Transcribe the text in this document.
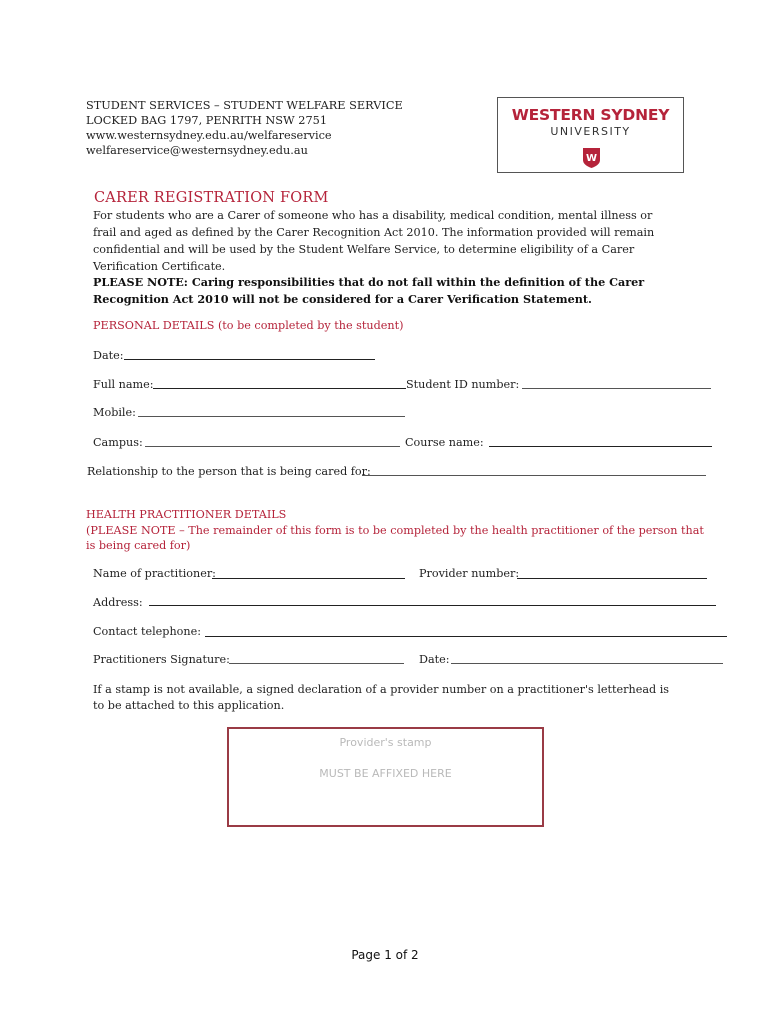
STUDENT SERVICES – STUDENT WELFARE SERVICE
LOCKED BAG 1797, PENRITH NSW 2751
www.westernsydney.edu.au/welfareservice
welfareservice@westernsydney.edu.au
WESTERN SYDNEY
UNIVERSITY
W
CARER REGISTRATION FORM
For students who are a Carer of someone who has a disability, medical condition, mental illness or frail and aged as defined by the Carer Recognition Act 2010. The information provided will remain confidential and will be used by the Student Welfare Service, to determine eligibility of a Carer Verification Certificate.
PLEASE NOTE: Caring responsibilities that do not fall within the definition of the Carer Recognition Act 2010 will not be considered for a Carer Verification Statement.
PERSONAL DETAILS (to be completed by the student)
Date:
Full name:	Student ID number:
Mobile:
Campus:	Course name:
Relationship to the person that is being cared for:
HEALTH PRACTITIONER DETAILS
(PLEASE NOTE – The remainder of this form is to be completed by the health practitioner of the person that is being cared for)
Name of practitioner:	Provider number:
Address:
Contact telephone:
Practitioners Signature:	Date:
If a stamp is not available, a signed declaration of a provider number on a practitioner's letterhead is to be attached to this application.
Provider's stamp
MUST BE AFFIXED HERE
Page 1 of 2
